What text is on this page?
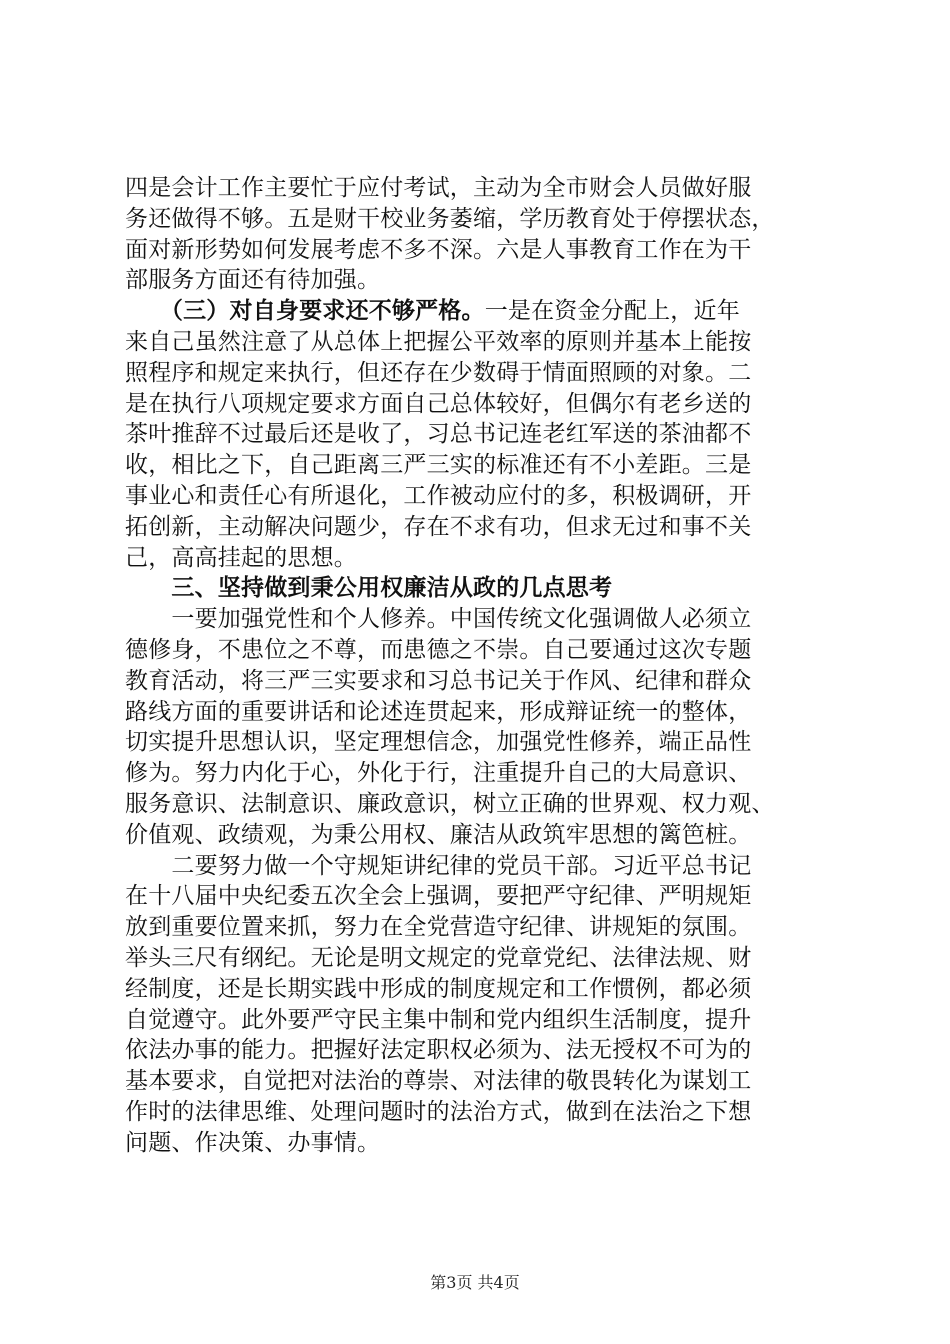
四是会计工作主要忙于应付考试，主动为全市财会人员做好服
务还做得不够。五是财干校业务萎缩，学历教育处于停摆状态，
面对新形势如何发展考虑不多不深。六是人事教育工作在为干
部服务方面还有待加强。
　　（三）对自身要求还不够严格。一是在资金分配上，近年
来自己虽然注意了从总体上把握公平效率的原则并基本上能按
照程序和规定来执行，但还存在少数碍于情面照顾的对象。二
是在执行八项规定要求方面自己总体较好，但偶尔有老乡送的
茶叶推辞不过最后还是收了，习总书记连老红军送的茶油都不
收，相比之下，自己距离三严三实的标准还有不小差距。三是
事业心和责任心有所退化，工作被动应付的多，积极调研，开
拓创新，主动解决问题少，存在不求有功，但求无过和事不关
己，高高挂起的思想。
　　三、坚持做到秉公用权廉洁从政的几点思考
　　一要加强党性和个人修养。中国传统文化强调做人必须立
德修身，不患位之不尊，而患德之不崇。自己要通过这次专题
教育活动，将三严三实要求和习总书记关于作风、纪律和群众
路线方面的重要讲话和论述连贯起来，形成辩证统一的整体，
切实提升思想认识，坚定理想信念，加强党性修养，端正品性
修为。努力内化于心，外化于行，注重提升自己的大局意识、
服务意识、法制意识、廉政意识，树立正确的世界观、权力观、
价值观、政绩观，为秉公用权、廉洁从政筑牢思想的篱笆桩。
　　二要努力做一个守规矩讲纪律的党员干部。习近平总书记
在十八届中央纪委五次全会上强调，要把严守纪律、严明规矩
放到重要位置来抓，努力在全党营造守纪律、讲规矩的氛围。
举头三尺有纲纪。无论是明文规定的党章党纪、法律法规、财
经制度，还是长期实践中形成的制度规定和工作惯例，都必须
自觉遵守。此外要严守民主集中制和党内组织生活制度，提升
依法办事的能力。把握好法定职权必须为、法无授权不可为的
基本要求，自觉把对法治的尊崇、对法律的敬畏转化为谋划工
作时的法律思维、处理问题时的法治方式，做到在法治之下想
问题、作决策、办事情。
第3页 共4页
